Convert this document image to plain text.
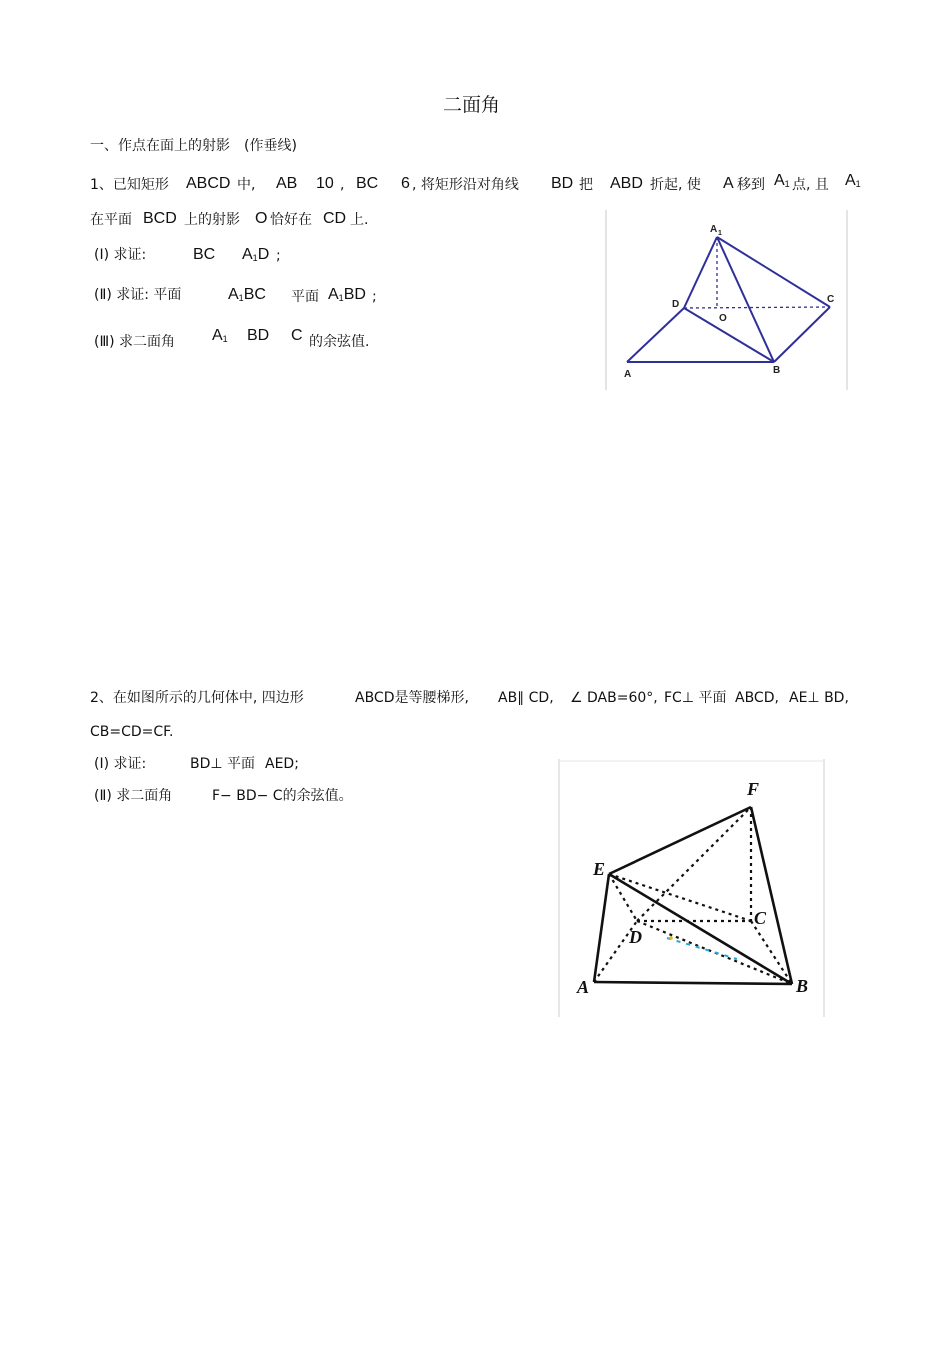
二面角
一、作点在面上的射影　(作垂线)
1、已知矩形 ABCD 中, AB 10 , BC 6 , 将矩形沿对角线 BD 把 ABD 折起, 使 A 移到 $A_1$ 点, 且 $A_1$
在平面 BCD 上的射影 O 恰好在 CD 上.
(Ⅰ) 求证:	BC $A_1D$ ;
(Ⅱ) 求证: 平面	$A_1BC$ 平面 $A_1BD$ ;
(Ⅲ) 求二面角 $A_1$ BD C 的余弦值.
A 1
D
O
C
A	B
2、在如图所示的几何体中, 四边形	ABCD是等腰梯形, AB∥ CD, ∠ DAB=60°, FC⊥ 平面 ABCD, AE⊥ BD,
CB=CD=CF.
(Ⅰ) 求证:	BD⊥ 平面 AED;
(Ⅱ) 求二面角	F− BD− C的余弦值。	F
E
C
D
A	B
